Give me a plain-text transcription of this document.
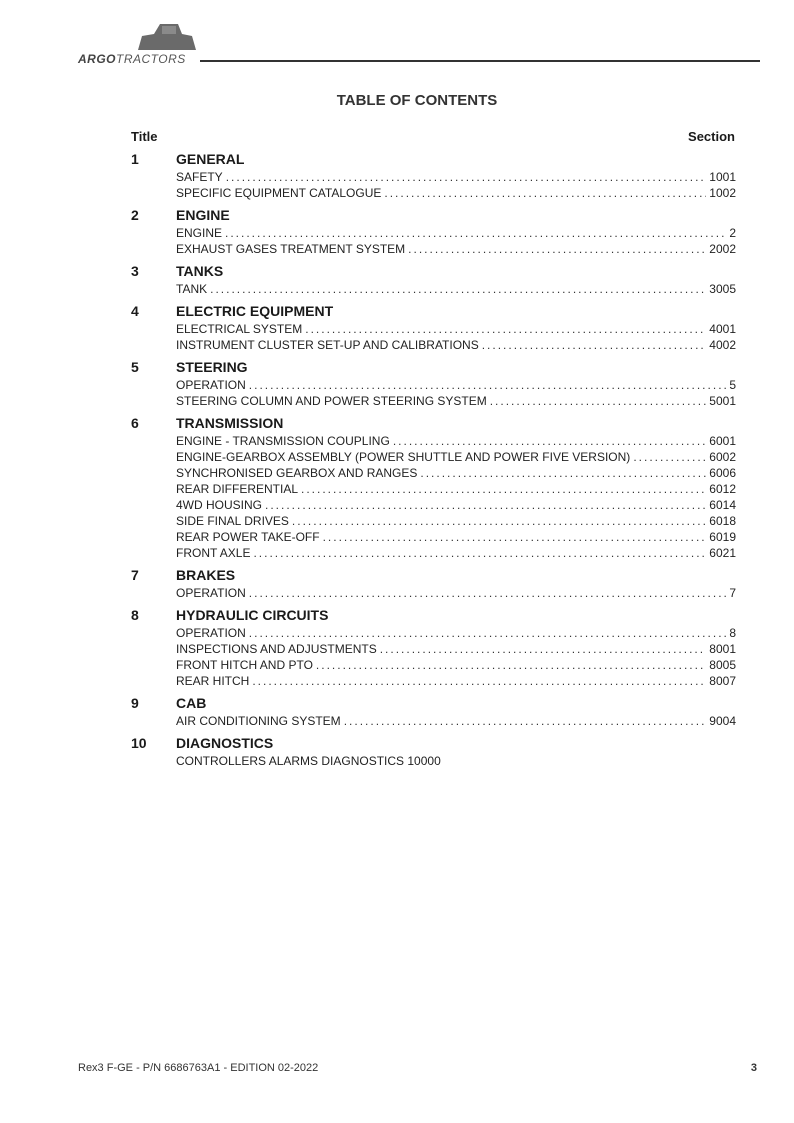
ARGOTRACTORS
TABLE OF CONTENTS
Title	Section
1	GENERAL
SAFETY .....	1001
SPECIFIC EQUIPMENT CATALOGUE .....	1002
2	ENGINE
ENGINE .....	2
EXHAUST GASES TREATMENT SYSTEM .....	2002
3	TANKS
TANK .....	3005
4	ELECTRIC EQUIPMENT
ELECTRICAL SYSTEM .....	4001
INSTRUMENT CLUSTER SET-UP AND CALIBRATIONS .....	4002
5	STEERING
OPERATION .....	5
STEERING COLUMN AND POWER STEERING SYSTEM .....	5001
6	TRANSMISSION
ENGINE - TRANSMISSION COUPLING .....	6001
ENGINE-GEARBOX ASSEMBLY (POWER SHUTTLE AND POWER FIVE VERSION) .....	6002
SYNCHRONISED GEARBOX AND RANGES .....	6006
REAR DIFFERENTIAL .....	6012
4WD HOUSING .....	6014
SIDE FINAL DRIVES .....	6018
REAR POWER TAKE-OFF .....	6019
FRONT AXLE .....	6021
7	BRAKES
OPERATION .....	7
8	HYDRAULIC CIRCUITS
OPERATION .....	8
INSPECTIONS AND ADJUSTMENTS .....	8001
FRONT HITCH AND PTO .....	8005
REAR HITCH .....	8007
9	CAB
AIR CONDITIONING SYSTEM .....	9004
10 DIAGNOSTICS
CONTROLLERS ALARMS DIAGNOSTICS 10000
Rex3 F-GE - P/N 6686763A1 - EDITION 02-2022	3
